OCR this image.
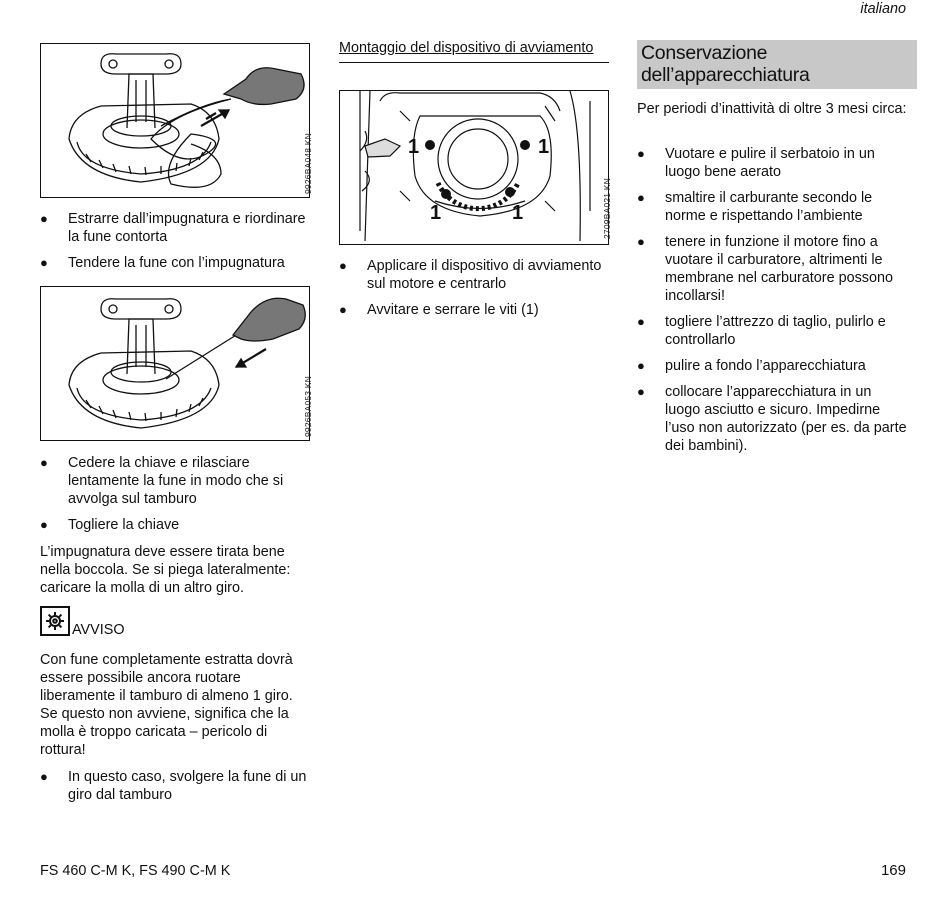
italiano
9926BA048 KN
● Estrarre dall’impugnatura e riordinare la fune contorta
● Tendere la fune con l’impugnatura
9926BA053 KN
● Cedere la chiave e rilasciare lentamente la fune in modo che si avvolga sul tamburo
● Togliere la chiave

L’impugnatura deve essere tirata bene nella boccola. Se si piega lateralmente: caricare la molla di un altro giro.

AVVISO

Con fune completamente estratta dovrà essere possibile ancora ruotare liberamente il tamburo di almeno 1 giro. Se questo non avviene, significa che la molla è troppo caricata – pericolo di rottura!

● In questo caso, svolgere la fune di un giro dal tamburo
Montaggio del dispositivo di avviamento
1	1
1	1	2709BA021 KN
● Applicare il dispositivo di avviamento sul motore e centrarlo
● Avvitare e serrare le viti (1)
Conservazione dell’apparecchiatura

Per periodi d’inattività di oltre 3 mesi circa:

● Vuotare e pulire il serbatoio in un luogo bene aerato
● smaltire il carburante secondo le norme e rispettando l’ambiente
● tenere in funzione il motore fino a vuotare il carburatore, altrimenti le membrane nel carburatore possono incollarsi!
● togliere l’attrezzo di taglio, pulirlo e controllarlo
● pulire a fondo l’apparecchiatura
● collocare l’apparecchiatura in un luogo asciutto e sicuro. Impedirne l’uso non autorizzato (per es. da parte dei bambini).
FS 460 C-M K, FS 490 C-M K	169
